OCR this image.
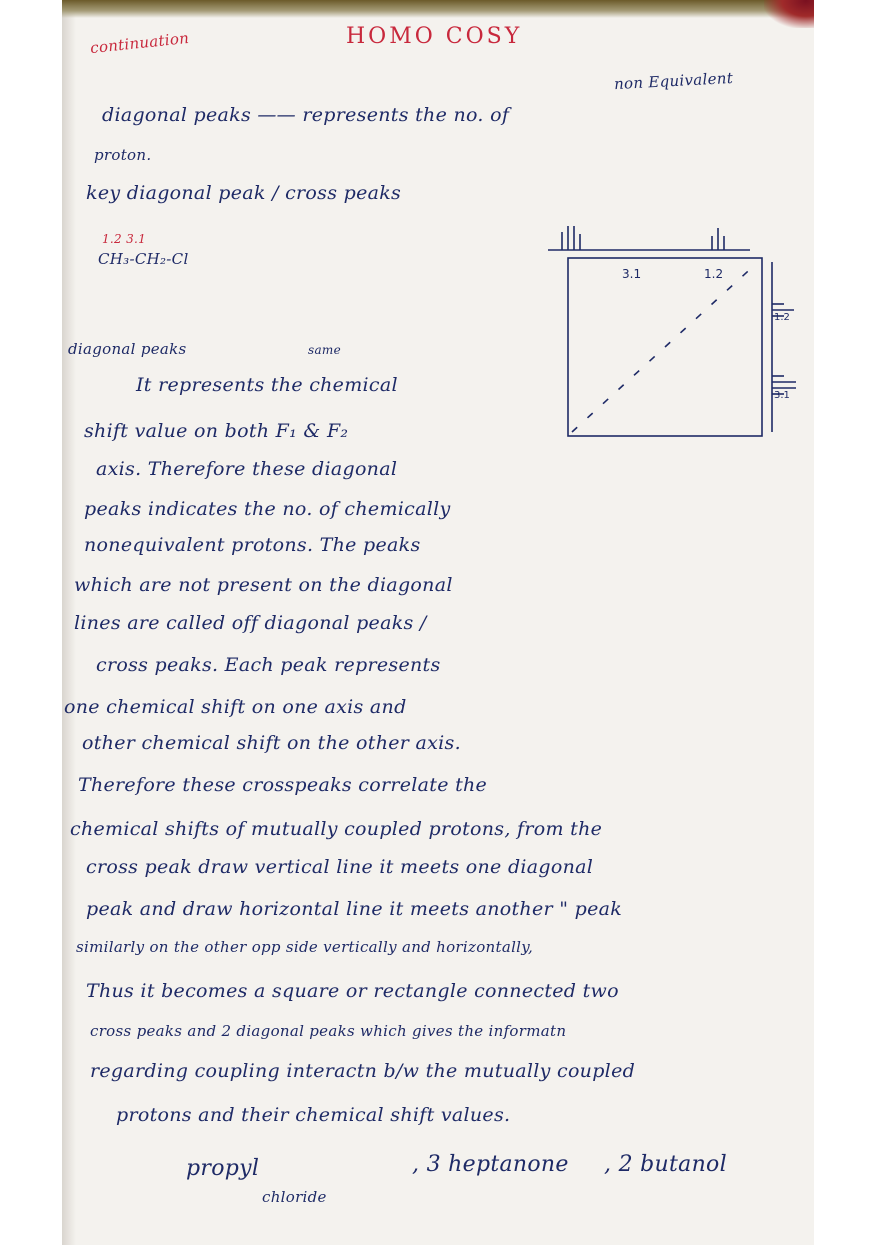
continuation	HOMO COSY
diagonal peaks —— represents the no. of
non Equivalent
proton.
key diagonal peak / cross peaks
1.2 3.1
CH₃-CH₂-Cl
diagonal peaks	same
It represents the chemical
shift value on both F₁ & F₂
axis. Therefore these diagonal
peaks indicates the no. of chemically
nonequivalent protons. The peaks
which are not present on the diagonal
lines are called off diagonal peaks /
cross peaks. Each peak represents
one chemical shift on one axis and
other chemical shift on the other axis.
Therefore these crosspeaks correlate the
chemical shifts of mutually coupled protons, from the
cross peak draw vertical line it meets one diagonal
peak and draw horizontal line it meets another " peak
similarly on the other opp side vertically and horizontally,
Thus it becomes a square or rectangle connected two
cross peaks and 2 diagonal peaks which gives the informatn
regarding coupling interactn b/w the mutually coupled
protons and their chemical shift values.
propyl
chloride
, 3 heptanone , 2 butanol
3.1	1.2
1.2
3.1
